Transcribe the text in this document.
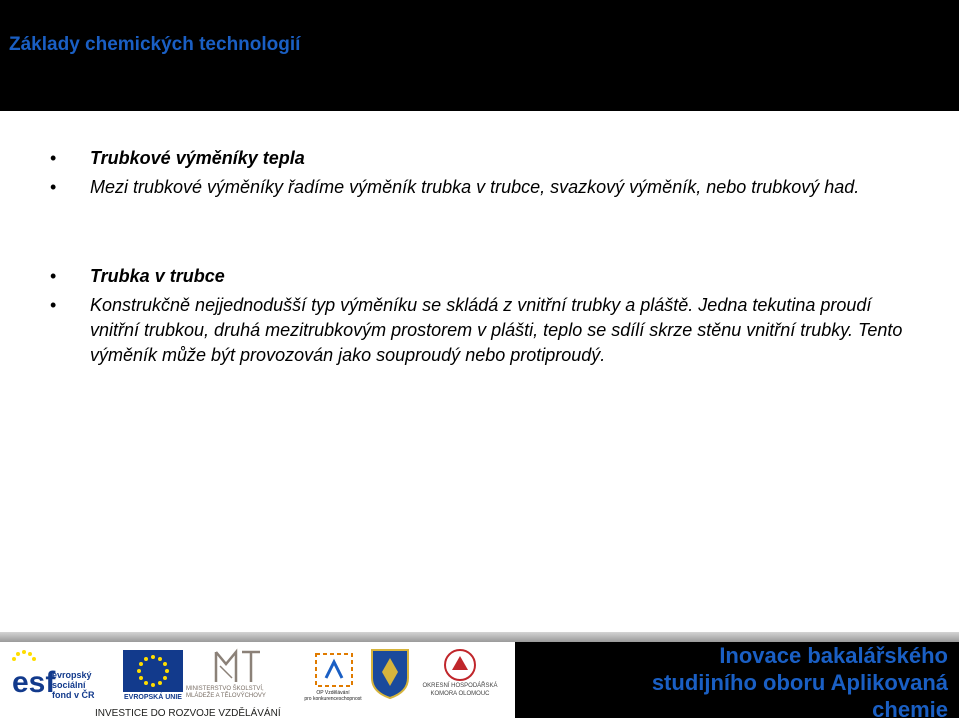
Základy chemických technologií
•	Trubkové výměníky tepla
•	Mezi trubkové výměníky řadíme výměník trubka v trubce, svazkový výměník, nebo trubkový had.
•	Trubka v trubce
•	Konstrukčně nejjednodušší typ výměníku se skládá z vnitřní trubky a pláště. Jedna tekutina proudí vnitřní trubkou, druhá mezitrubkovým prostorem v plášti, teplo se sdílí skrze stěnu vnitřní trubky. Tento výměník může být provozován jako souproudý nebo protiproudý.
esf
evropský
sociální
fond v ČR	EVROPSKÁ UNIE
MINISTERSTVO ŠKOLSTVÍ,
MLÁDEŽE A TĚLOVÝCHOVY	OP Vzdělávání
pro konkurenceschopnost
OKRESNÍ HOSPODÁŘSKÁ
KOMORA OLOMOUC
INVESTICE DO ROZVOJE VZDĚLÁVÁNÍ
Inovace bakalářského
studijního oboru Aplikovaná
chemie
